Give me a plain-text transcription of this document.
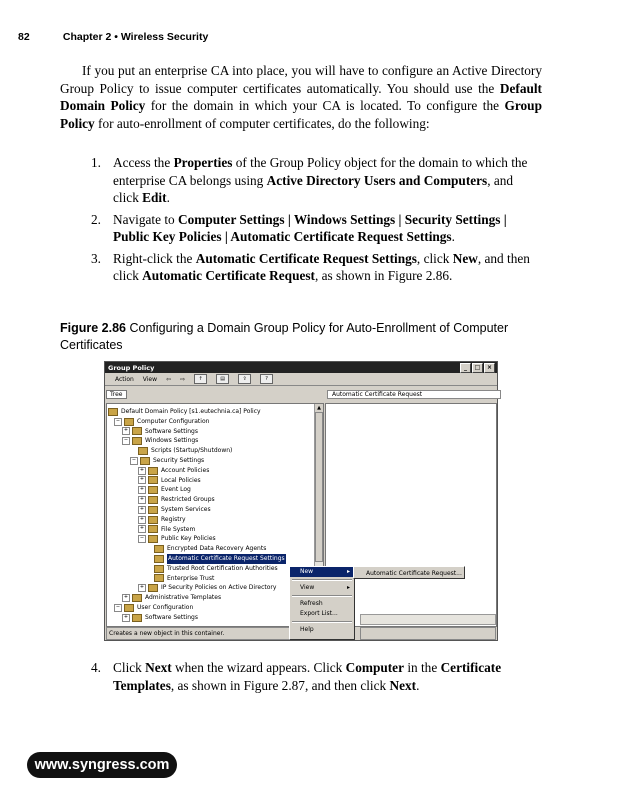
82	Chapter 2 • Wireless Security
If you put an enterprise CA into place, you will have to configure an Active Directory Group Policy to issue computer certificates automatically. You should use the Default Domain Policy for the domain in which your CA is located. To configure the Group Policy for auto-enrollment of computer certificates, do the following:
1. Access the Properties of the Group Policy object for the domain to which the enterprise CA belongs using Active Directory Users and Computers, and click Edit.
2. Navigate to Computer Settings | Windows Settings | Security Settings | Public Key Policies | Automatic Certificate Request Settings.
3. Right-click the Automatic Certificate Request Settings, click New, and then click Automatic Certificate Request, as shown in Figure 2.86.
Figure 2.86 Configuring a Domain Group Policy for Auto-Enrollment of Computer Certificates
Group Policy	_	□	×
Action View ⇦ ⇨	↑	▤	⇪	?
Tree	Automatic Certificate Request
Default Domain Policy [s1.eutechnia.ca] Policy
−	Computer Configuration
+	Software Settings
−	Windows Settings
Scripts (Startup/Shutdown)
−	Security Settings
+	Account Policies
+	Local Policies
+	Event Log
+	Restricted Groups
+	System Services
+	Registry
+	File System
−	Public Key Policies
Encrypted Data Recovery Agents
Automatic Certificate Request Settings
Trusted Root Certification Authorities
Enterprise Trust
+	IP Security Policies on Active Directory
+	Administrative Templates
−	User Configuration
+	Software Settings
▲
Creates a new object in this container.
New	▸
View	▸
Refresh
Export List...
Help
Automatic Certificate Request...
4. Click Next when the wizard appears. Click Computer in the Certificate Templates, as shown in Figure 2.87, and then click Next.
www.syngress.com
